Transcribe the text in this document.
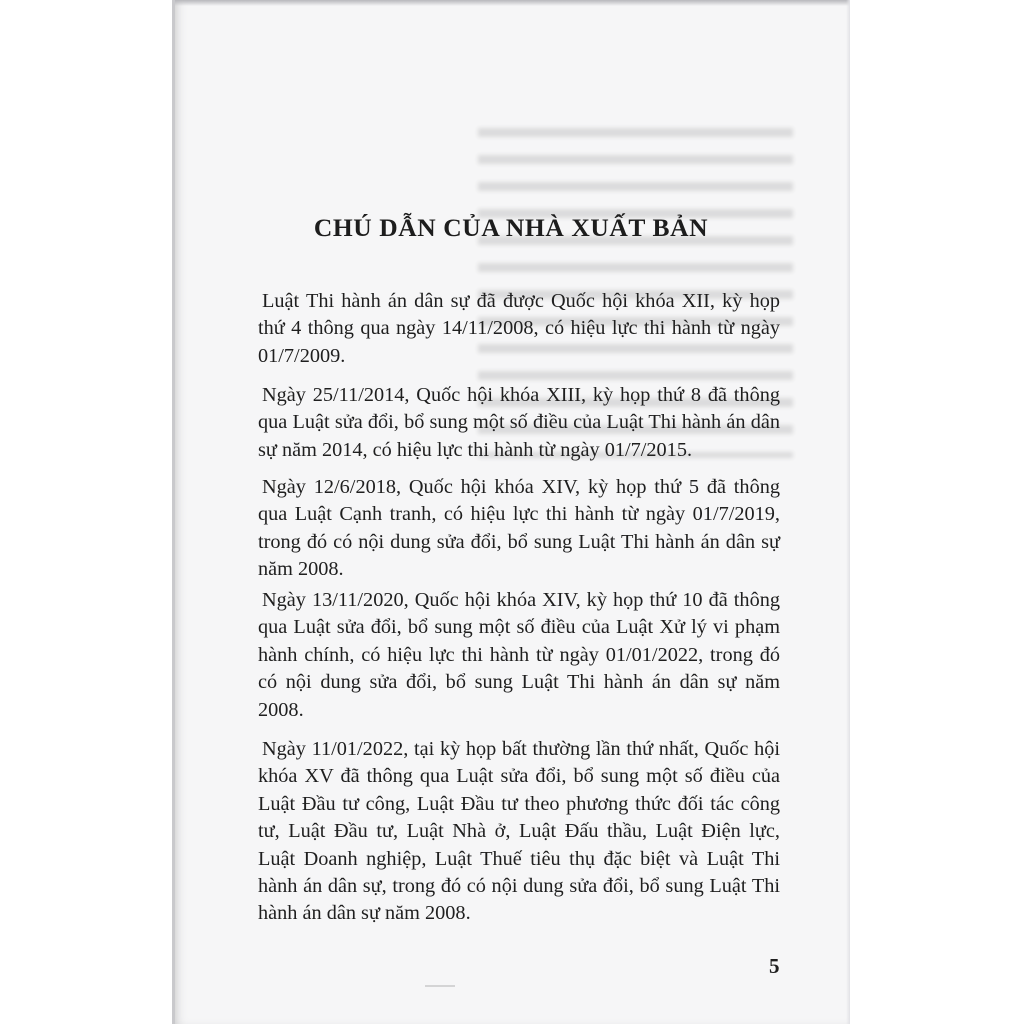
CHÚ DẪN CỦA NHÀ XUẤT BẢN

Luật Thi hành án dân sự đã được Quốc hội khóa XII, kỳ họp thứ 4 thông qua ngày 14/11/2008, có hiệu lực thi hành từ ngày 01/7/2009.

Ngày 25/11/2014, Quốc hội khóa XIII, kỳ họp thứ 8 đã thông qua Luật sửa đổi, bổ sung một số điều của Luật Thi hành án dân sự năm 2014, có hiệu lực thi hành từ ngày 01/7/2015.

Ngày 12/6/2018, Quốc hội khóa XIV, kỳ họp thứ 5 đã thông qua Luật Cạnh tranh, có hiệu lực thi hành từ ngày 01/7/2019, trong đó có nội dung sửa đổi, bổ sung Luật Thi hành án dân sự năm 2008.

Ngày 13/11/2020, Quốc hội khóa XIV, kỳ họp thứ 10 đã thông qua Luật sửa đổi, bổ sung một số điều của Luật Xử lý vi phạm hành chính, có hiệu lực thi hành từ ngày 01/01/2022, trong đó có nội dung sửa đổi, bổ sung Luật Thi hành án dân sự năm 2008.

Ngày 11/01/2022, tại kỳ họp bất thường lần thứ nhất, Quốc hội khóa XV đã thông qua Luật sửa đổi, bổ sung một số điều của Luật Đầu tư công, Luật Đầu tư theo phương thức đối tác công tư, Luật Đầu tư, Luật Nhà ở, Luật Đấu thầu, Luật Điện lực, Luật Doanh nghiệp, Luật Thuế tiêu thụ đặc biệt và Luật Thi hành án dân sự, trong đó có nội dung sửa đổi, bổ sung Luật Thi hành án dân sự năm 2008.

5
